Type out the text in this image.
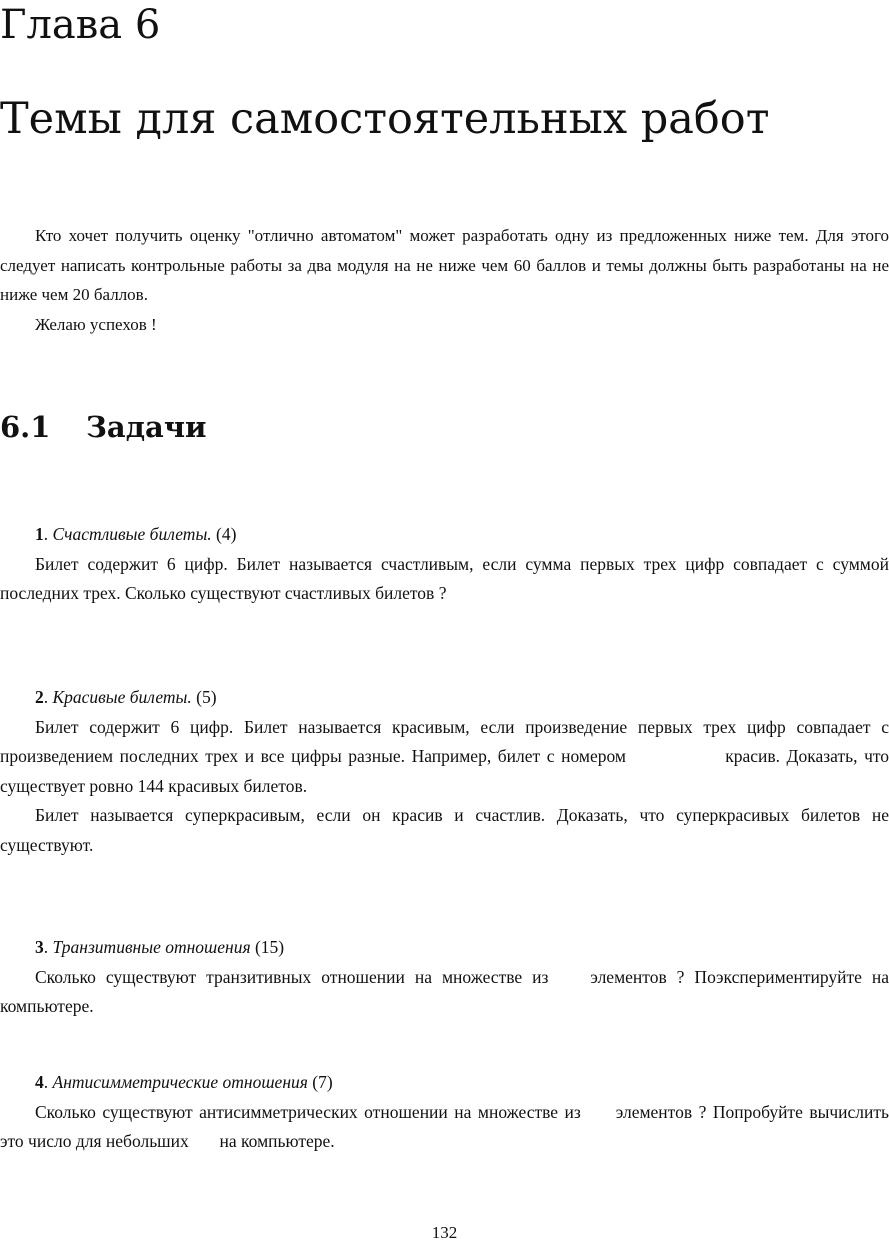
Глава 6
Темы для самостоятельных работ

Кто хочет получить оценку "отлично автоматом" может разработать одну из предложенных ниже тем. Для этого следует написать контрольные работы за два модуля на не ниже чем 60 баллов и темы должны быть разработаны на не ниже чем 20 баллов.

Желаю успехов !

6.1 Задачи

1. Счастливые билеты. (4)

Билет содержит 6 цифр. Билет называется счастливым, если сумма первых трех цифр совпадает с суммой последних трех. Сколько существуют счастливых билетов ?

2. Красивые билеты. (5)

Билет содержит 6 цифр. Билет называется красивым, если произведение первых трех цифр совпадает с произведением последних трех и все цифры разные. Например, билет с номером	красив. Доказать, что существует ровно 144 красивых билетов.

Билет называется суперкрасивым, если он красив и счастлив. Доказать, что суперкрасивых билетов не существуют.

3. Транзитивные отношения (15)

Сколько существуют транзитивных отношении на множестве из элементов ? Поэкспериментируйте на компьютере.

4. Антисимметрические отношения (7)

Сколько существуют антисимметрических отношении на множестве из элементов ? Попробуйте вычислить это число для небольших на компьютере.

132
